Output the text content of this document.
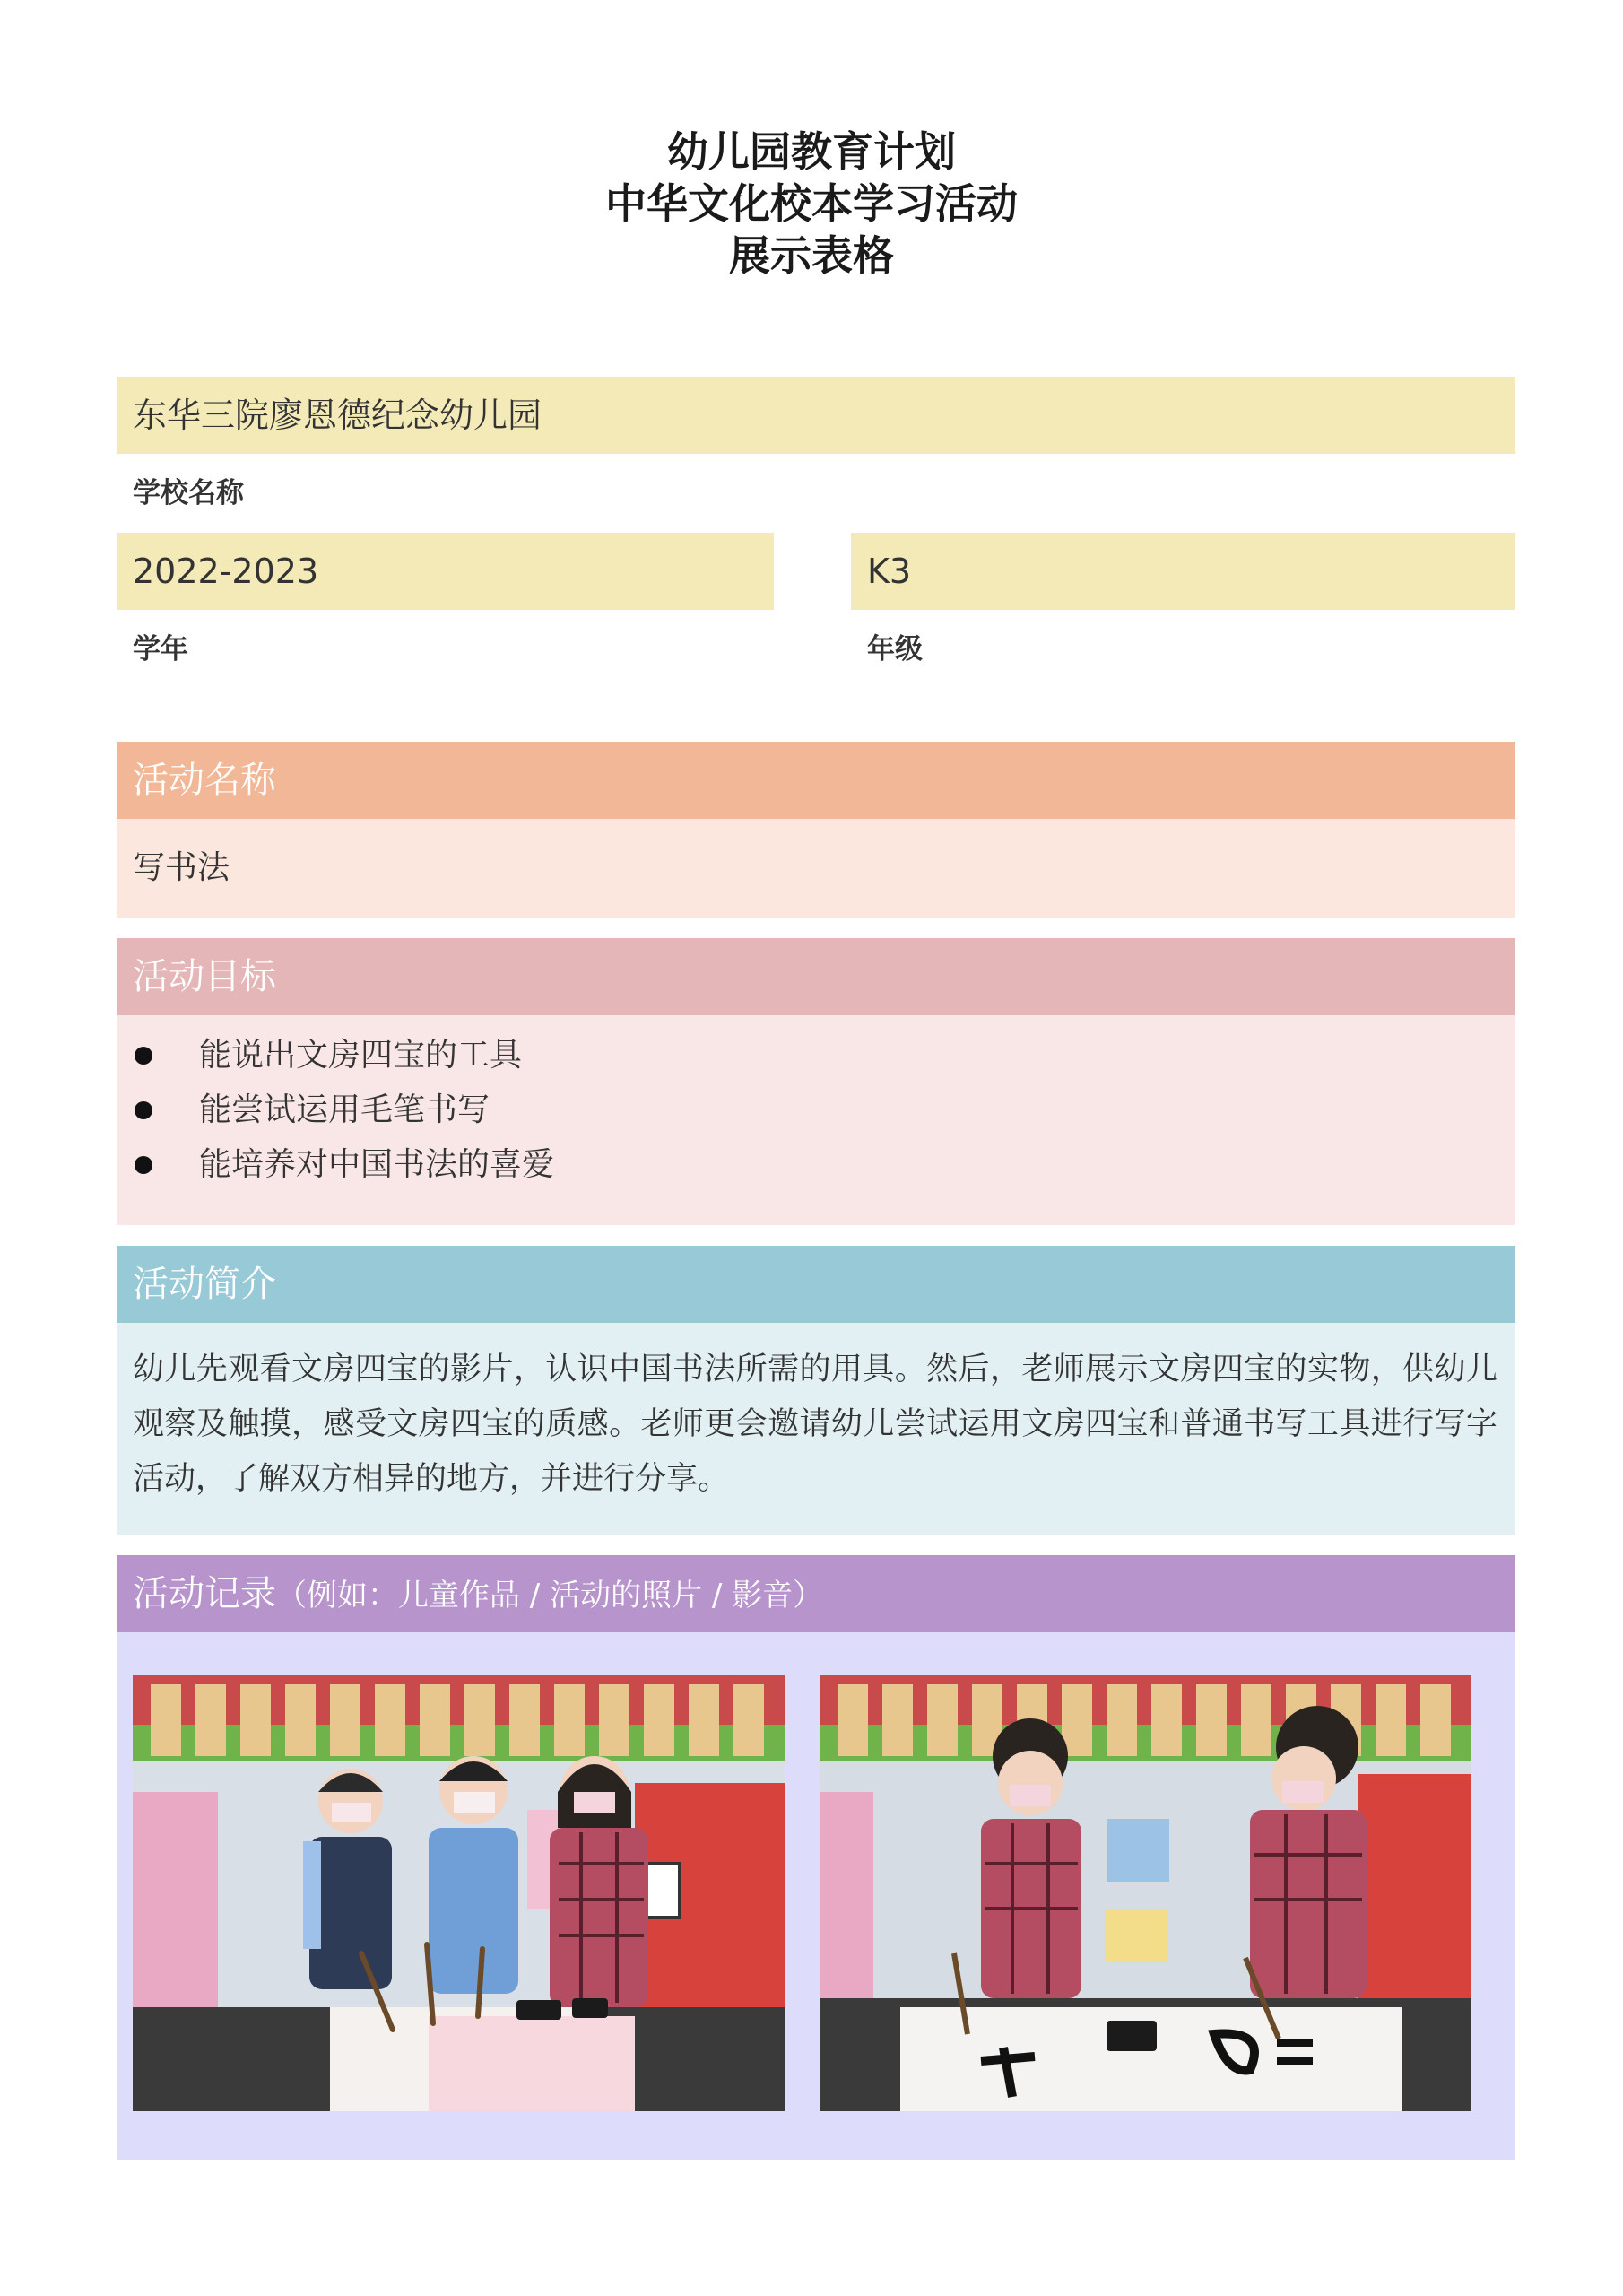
幼儿园教育计划
中华文化校本学习活动
展示表格
东华三院廖恩德纪念幼儿园
学校名称
2022-2023
学年
K3
年级
活动名称
写书法
活动目标
能说出文房四宝的工具
能尝试运用毛笔书写
能培养对中国书法的喜爱
活动简介

幼儿先观看文房四宝的影片，认识中国书法所需的用具。然后，老师展示文房四宝的实物，供幼儿观察及触摸，感受文房四宝的质感。老师更会邀请幼儿尝试运用文房四宝和普通书写工具进行写字活动，了解双方相异的地方，并进行分享。

活动记录（例如：儿童作品 / 活动的照片 / 影音）
